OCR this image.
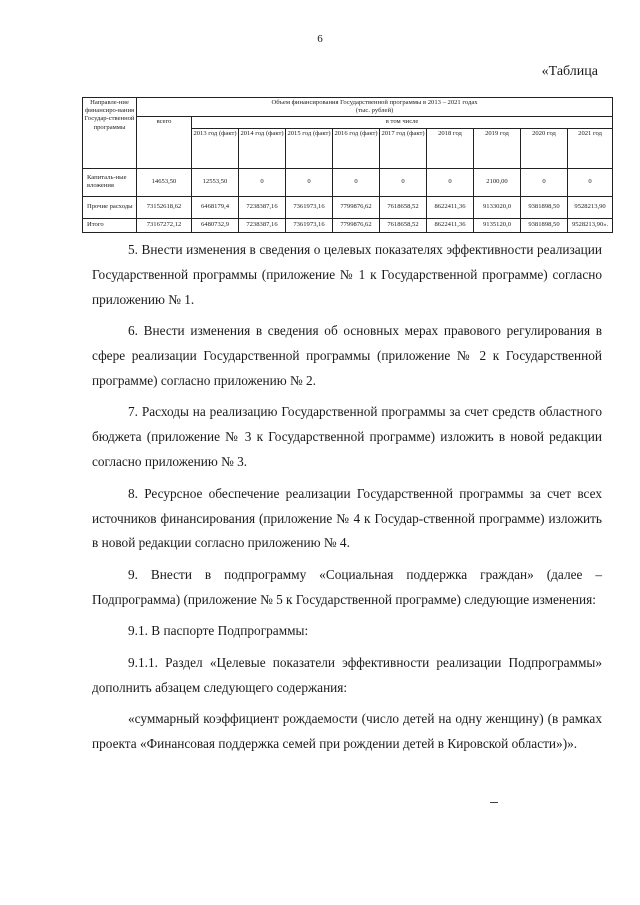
6
«Таблица
Направле-ние финансиро-вания Государ-ственной программы	Объем финансирования Государственной программы в 2013 – 2021 годах
(тыс. рублей)									
	всего	в том числе								
		2013 год (факт)	2014 год (факт)	2015 год (факт)	2016 год (факт)	2017 год (факт)	2018 год	2019 год	2020 год	2021 год
Капиталь-ные вложения	14653,50	12553,50	0	0	0	0	0	2100,00	0	0
Прочие расходы	73152618,62	6468179,4	7238387,16	7361973,16	7799876,62	7618658,52	8622411,36	9133020,0	9381898,50	9528213,90
Итого	73167272,12	6480732,9	7238387,16	7361973,16	7799876,62	7618658,52	8622411,36	9135120,0	9381898,50	9528213,90».

5. Внести изменения в сведения о целевых показателях эффективности реализации Государственной программы (приложение № 1 к Государственной программе) согласно приложению № 1.

6. Внести изменения в сведения об основных мерах правового регулирования в сфере реализации Государственной программы (приложение № 2 к Государственной программе) согласно приложению № 2.

7. Расходы на реализацию Государственной программы за счет средств областного бюджета (приложение № 3 к Государственной программе) изложить в новой редакции согласно приложению № 3.

8. Ресурсное обеспечение реализации Государственной программы за счет всех источников финансирования (приложение № 4 к Государ-ственной программе) изложить в новой редакции согласно приложению № 4.

9. Внести в подпрограмму «Социальная поддержка граждан» (далее – Подпрограмма) (приложение № 5 к Государственной программе) следующие изменения:

9.1. В паспорте Подпрограммы:

9.1.1. Раздел «Целевые показатели эффективности реализации Подпрограммы» дополнить абзацем следующего содержания:

«суммарный коэффициент рождаемости (число детей на одну женщину) (в рамках проекта «Финансовая поддержка семей при рождении детей в Кировской области»)».
